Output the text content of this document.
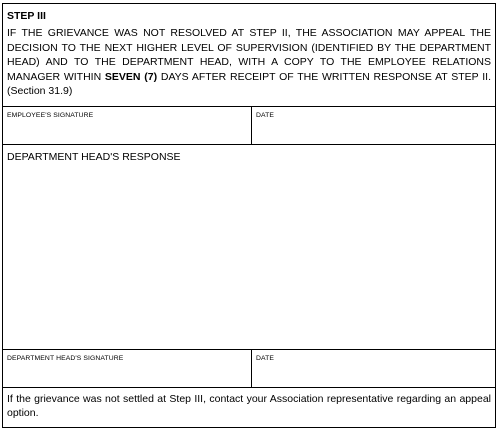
STEP III

IF THE GRIEVANCE WAS NOT RESOLVED AT STEP II, THE ASSOCIATION MAY APPEAL THE DECISION TO THE NEXT HIGHER LEVEL OF SUPERVISION (IDENTIFIED BY THE DEPARTMENT HEAD) AND TO THE DEPARTMENT HEAD, WITH A COPY TO THE EMPLOYEE RELATIONS MANAGER WITHIN SEVEN (7) DAYS AFTER RECEIPT OF THE WRITTEN RESPONSE AT STEP II. (Section 31.9)

EMPLOYEE'S SIGNATURE	DATE

DEPARTMENT HEAD'S RESPONSE

DEPARTMENT HEAD'S SIGNATURE	DATE

If the grievance was not settled at Step III, contact your Association representative regarding an appeal option.
